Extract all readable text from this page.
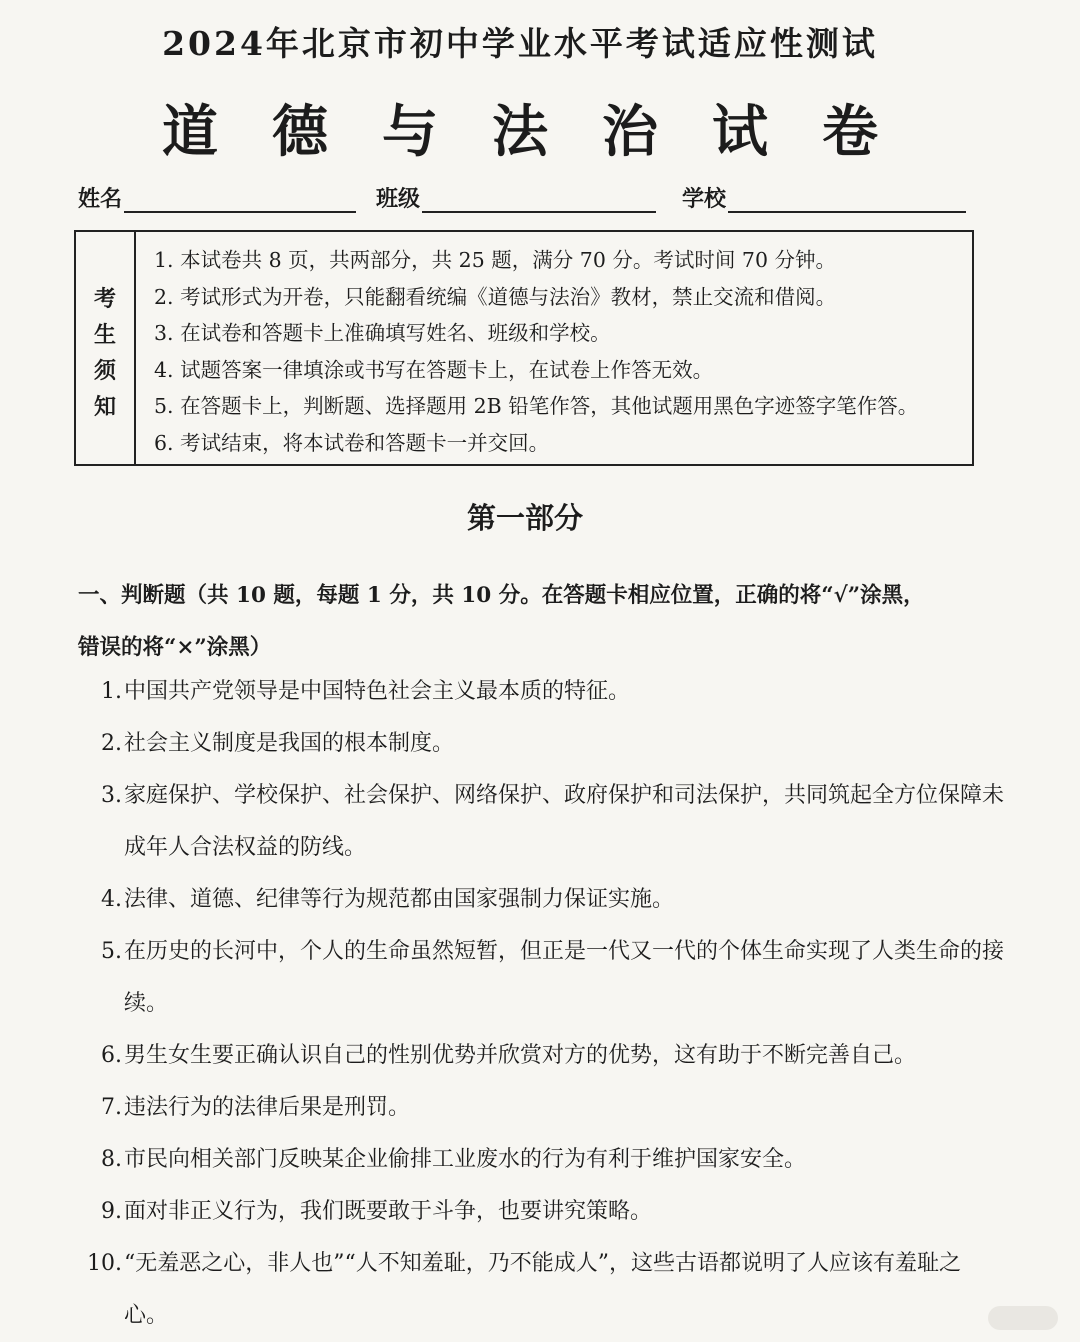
2024年北京市初中学业水平考试适应性测试
道德与法治试卷
姓名	班级	学校
考
生
须
知
1. 本试卷共 8 页，共两部分，共 25 题，满分 70 分。考试时间 70 分钟。
2. 考试形式为开卷，只能翻看统编《道德与法治》教材，禁止交流和借阅。
3. 在试卷和答题卡上准确填写姓名、班级和学校。
4. 试题答案一律填涂或书写在答题卡上，在试卷上作答无效。
5. 在答题卡上，判断题、选择题用 2B 铅笔作答，其他试题用黑色字迹签字笔作答。
6. 考试结束，将本试卷和答题卡一并交回。
第一部分
一、判断题（共 10 题，每题 1 分，共 10 分。在答题卡相应位置，正确的将“√”涂黑，
错误的将“×”涂黑）
1. 中国共产党领导是中国特色社会主义最本质的特征。
2. 社会主义制度是我国的根本制度。
3. 家庭保护、学校保护、社会保护、网络保护、政府保护和司法保护，共同筑起全方位保障未成年人合法权益的防线。
4. 法律、道德、纪律等行为规范都由国家强制力保证实施。
5. 在历史的长河中，个人的生命虽然短暂，但正是一代又一代的个体生命实现了人类生命的接续。
6. 男生女生要正确认识自己的性别优势并欣赏对方的优势，这有助于不断完善自己。
7. 违法行为的法律后果是刑罚。
8. 市民向相关部门反映某企业偷排工业废水的行为有利于维护国家安全。
9. 面对非正义行为，我们既要敢于斗争，也要讲究策略。
10. “无羞恶之心，非人也”“人不知羞耻，乃不能成人”，这些古语都说明了人应该有羞耻之心。
